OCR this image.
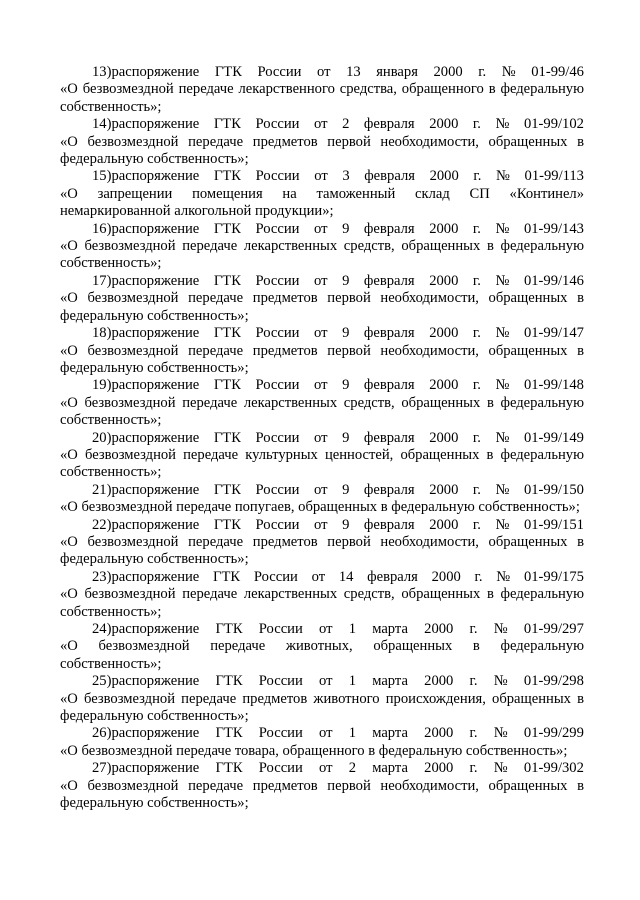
13)распоряжение ГТК России от 13 января 2000 г. № 01-99/46
«О безвозмездной передаче лекарственного средства, обращенного в федеральную собственность»;
14)распоряжение ГТК России от 2 февраля 2000 г. № 01-99/102
«О безвозмездной передаче предметов первой необходимости, обращенных в федеральную собственность»;
15)распоряжение ГТК России от 3 февраля 2000 г. № 01-99/113
«О запрещении помещения на таможенный склад СП «Континел» немаркированной алкогольной продукции»;
16)распоряжение ГТК России от 9 февраля 2000 г. № 01-99/143
«О безвозмездной передаче лекарственных средств, обращенных в федеральную собственность»;
17)распоряжение ГТК России от 9 февраля 2000 г. № 01-99/146
«О безвозмездной передаче предметов первой необходимости, обращенных в федеральную собственность»;
18)распоряжение ГТК России от 9 февраля 2000 г. № 01-99/147
«О безвозмездной передаче предметов первой необходимости, обращенных в федеральную собственность»;
19)распоряжение ГТК России от 9 февраля 2000 г. № 01-99/148
«О безвозмездной передаче лекарственных средств, обращенных в федеральную собственность»;
20)распоряжение ГТК России от 9 февраля 2000 г. № 01-99/149
«О безвозмездной передаче культурных ценностей, обращенных в федеральную собственность»;
21)распоряжение ГТК России от 9 февраля 2000 г. № 01-99/150
«О безвозмездной передаче попугаев, обращенных в федеральную собственность»;
22)распоряжение ГТК России от 9 февраля 2000 г. № 01-99/151
«О безвозмездной передаче предметов первой необходимости, обращенных в федеральную собственность»;
23)распоряжение ГТК России от 14 февраля 2000 г. № 01-99/175
«О безвозмездной передаче лекарственных средств, обращенных в федеральную собственность»;
24)распоряжение ГТК России от 1 марта 2000 г. № 01-99/297
«О безвозмездной передаче животных, обращенных в федеральную собственность»;
25)распоряжение ГТК России от 1 марта 2000 г. № 01-99/298
«О безвозмездной передаче предметов животного происхождения, обращенных в федеральную собственность»;
26)распоряжение ГТК России от 1 марта 2000 г. № 01-99/299
«О безвозмездной передаче товара, обращенного в федеральную собственность»;
27)распоряжение ГТК России от 2 марта 2000 г. № 01-99/302
«О безвозмездной передаче предметов первой необходимости, обращенных в федеральную собственность»;
